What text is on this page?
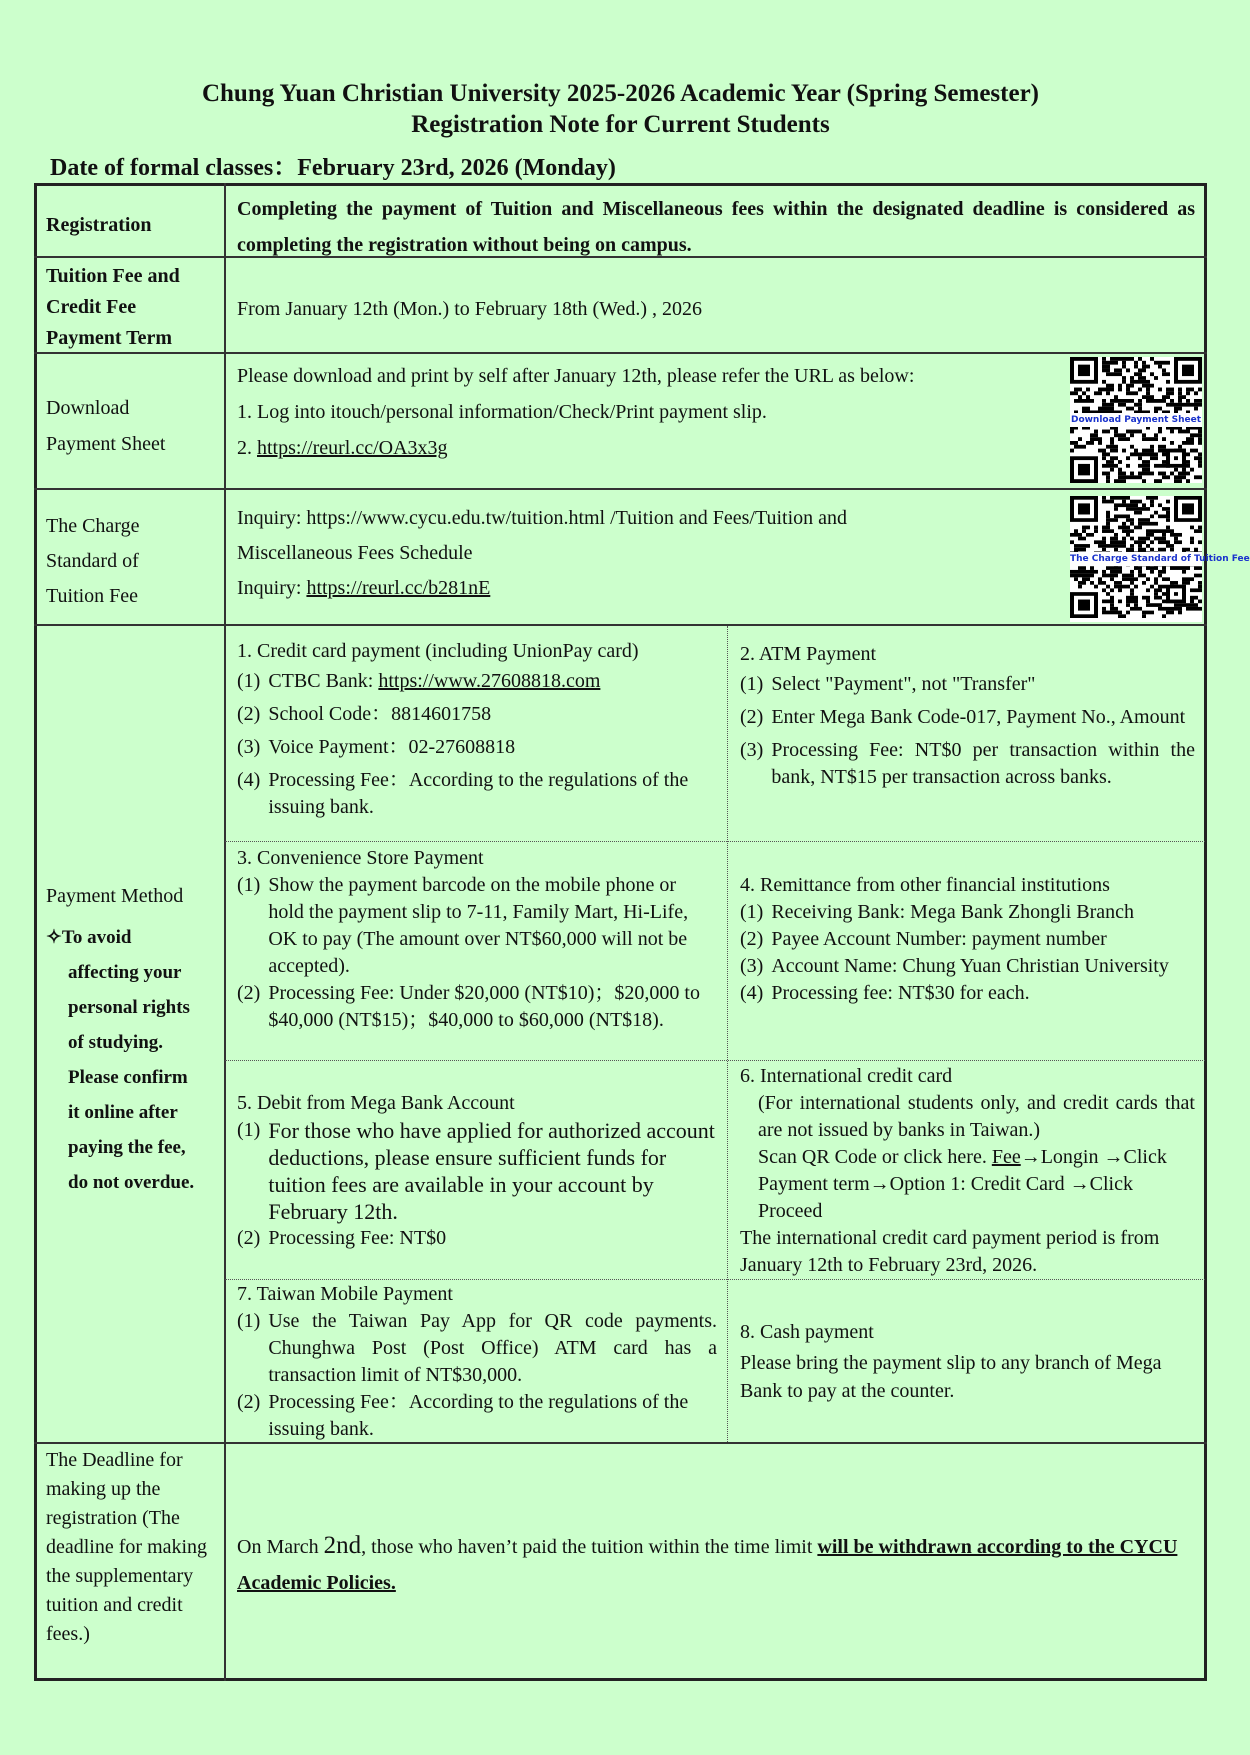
Chung Yuan Christian University 2025-2026 Academic Year (Spring Semester)
Registration Note for Current Students
Date of formal classes：February 23rd, 2026 (Monday)
Registration
Completing the payment of Tuition and Miscellaneous fees within the designated deadline is considered as completing the registration without being on campus.
Tuition Fee and
Credit Fee
Payment Term
From January 12th (Mon.) to February 18th (Wed.) , 2026
Download
Payment Sheet
Please download and print by self after January 12th, please refer the URL as below:
1. Log into itouch/personal information/Check/Print payment slip.
2. https://reurl.cc/OA3x3g
Download Payment Sheet
The Charge
Standard of
Tuition Fee
Inquiry: https://www.cycu.edu.tw/tuition.html /Tuition and Fees/Tuition and
Miscellaneous Fees Schedule
Inquiry: https://reurl.cc/b281nE
The Charge Standard of Tuition Fee
Payment Method
✧To avoid
affecting your
personal rights
of studying.
Please confirm
it online after
paying the fee,
do not overdue.
1. Credit card payment (including UnionPay card)
(1) CTBC Bank: https://www.27608818.com
(2) School Code：8814601758
(3) Voice Payment：02-27608818
(4) Processing Fee：According to the regulations of the issuing bank.
2. ATM Payment
(1) Select "Payment", not "Transfer"
(2) Enter Mega Bank Code-017, Payment No., Amount
(3) Processing Fee: NT$0 per transaction within the bank, NT$15 per transaction across banks.
3. Convenience Store Payment
(1) Show the payment barcode on the mobile phone or hold the payment slip to 7-11, Family Mart, Hi-Life, OK to pay (The amount over NT$60,000 will not be accepted).
(2) Processing Fee: Under $20,000 (NT$10)；$20,000 to $40,000 (NT$15)；$40,000 to $60,000 (NT$18).
4. Remittance from other financial institutions
(1) Receiving Bank: Mega Bank Zhongli Branch
(2) Payee Account Number: payment number
(3) Account Name: Chung Yuan Christian University
(4) Processing fee: NT$30 for each.
5. Debit from Mega Bank Account
(1) For those who have applied for authorized account deductions, please ensure sufficient funds for tuition fees are available in your account by February 12th.
(2) Processing Fee: NT$0
6. International credit card
(For international students only, and credit cards that are not issued by banks in Taiwan.)
Scan QR Code or click here. Fee→Longin →Click Payment term→Option 1: Credit Card →Click Proceed
The international credit card payment period is from January 12th to February 23rd, 2026.
7. Taiwan Mobile Payment
(1) Use the Taiwan Pay App for QR code payments. Chunghwa Post (Post Office) ATM card has a transaction limit of NT$30,000.
(2) Processing Fee：According to the regulations of the issuing bank.
8. Cash payment
Please bring the payment slip to any branch of Mega Bank to pay at the counter.
The Deadline for making up the registration (The deadline for making the supplementary tuition and credit fees.)
On March 2nd, those who haven’t paid the tuition within the time limit will be withdrawn according to the CYCU Academic Policies.
